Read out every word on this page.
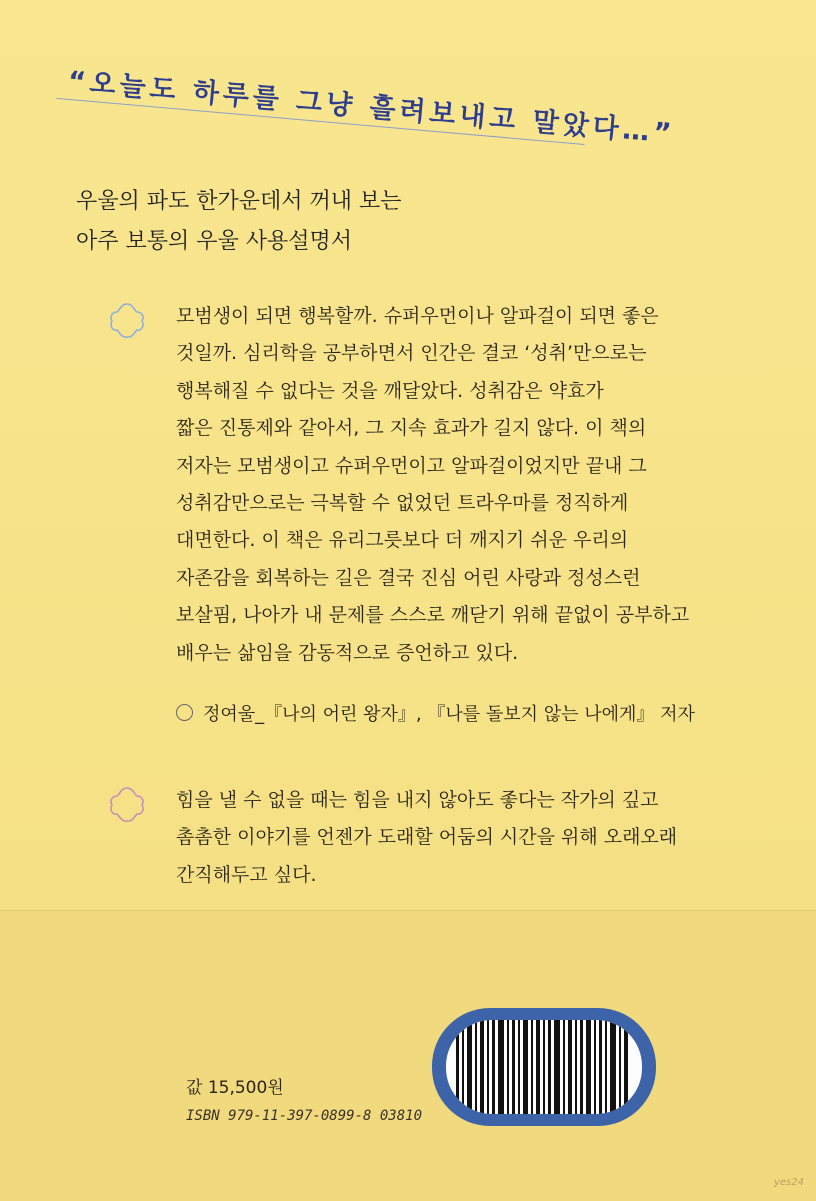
“오늘도 하루를 그냥 흘려보내고 말았다…”
우울의 파도 한가운데서 꺼내 보는
아주 보통의 우울 사용설명서

모범생이 되면 행복할까. 슈퍼우먼이나 알파걸이 되면 좋은

것일까. 심리학을 공부하면서 인간은 결코 ‘성취’만으로는

행복해질 수 없다는 것을 깨달았다. 성취감은 약효가

짧은 진통제와 같아서, 그 지속 효과가 길지 않다. 이 책의

저자는 모범생이고 슈퍼우먼이고 알파걸이었지만 끝내 그

성취감만으로는 극복할 수 없었던 트라우마를 정직하게

대면한다. 이 책은 유리그릇보다 더 깨지기 쉬운 우리의

자존감을 회복하는 길은 결국 진심 어린 사랑과 정성스런

보살핌, 나아가 내 문제를 스스로 깨닫기 위해 끝없이 공부하고

배우는 삶임을 감동적으로 증언하고 있다.

정여울_『나의 어린 왕자』, 『나를 돌보지 않는 나에게』 저자

힘을 낼 수 없을 때는 힘을 내지 않아도 좋다는 작가의 깊고

촘촘한 이야기를 언젠가 도래할 어둠의 시간을 위해 오래오래

간직해두고 싶다.

값 15,500원
ISBN 979-11-397-0899-8 03810
yes24
